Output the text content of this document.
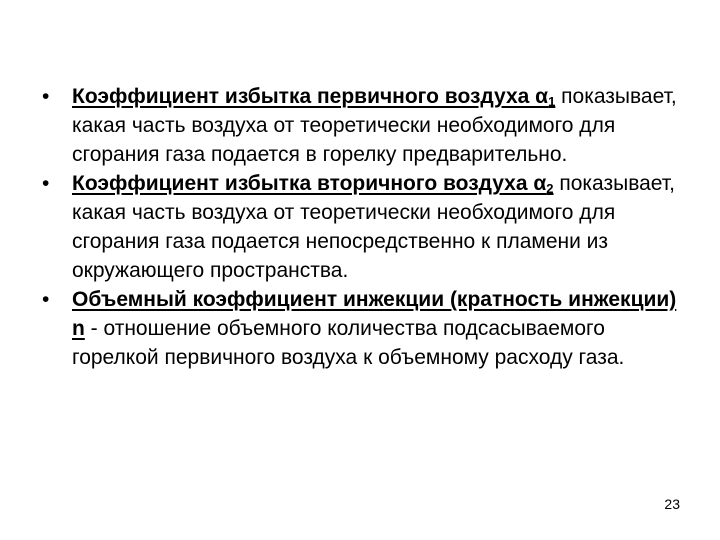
•	Коэффициент избытка первичного воздуха $\alpha_1$ показывает, какая часть воздуха от теоретически необходимого для сгорания газа подается в горелку предварительно.
•	Коэффициент избытка вторичного воздуха $\alpha_2$ показывает, какая часть воздуха от теоретически необходимого для сгорания газа подается непосредственно к пламени из окружающего пространства.
•	Объемный коэффициент инжекции (кратность инжекции) n - отношение объемного количества подсасываемого горелкой первичного воздуха к объемному расходу газа.
23
